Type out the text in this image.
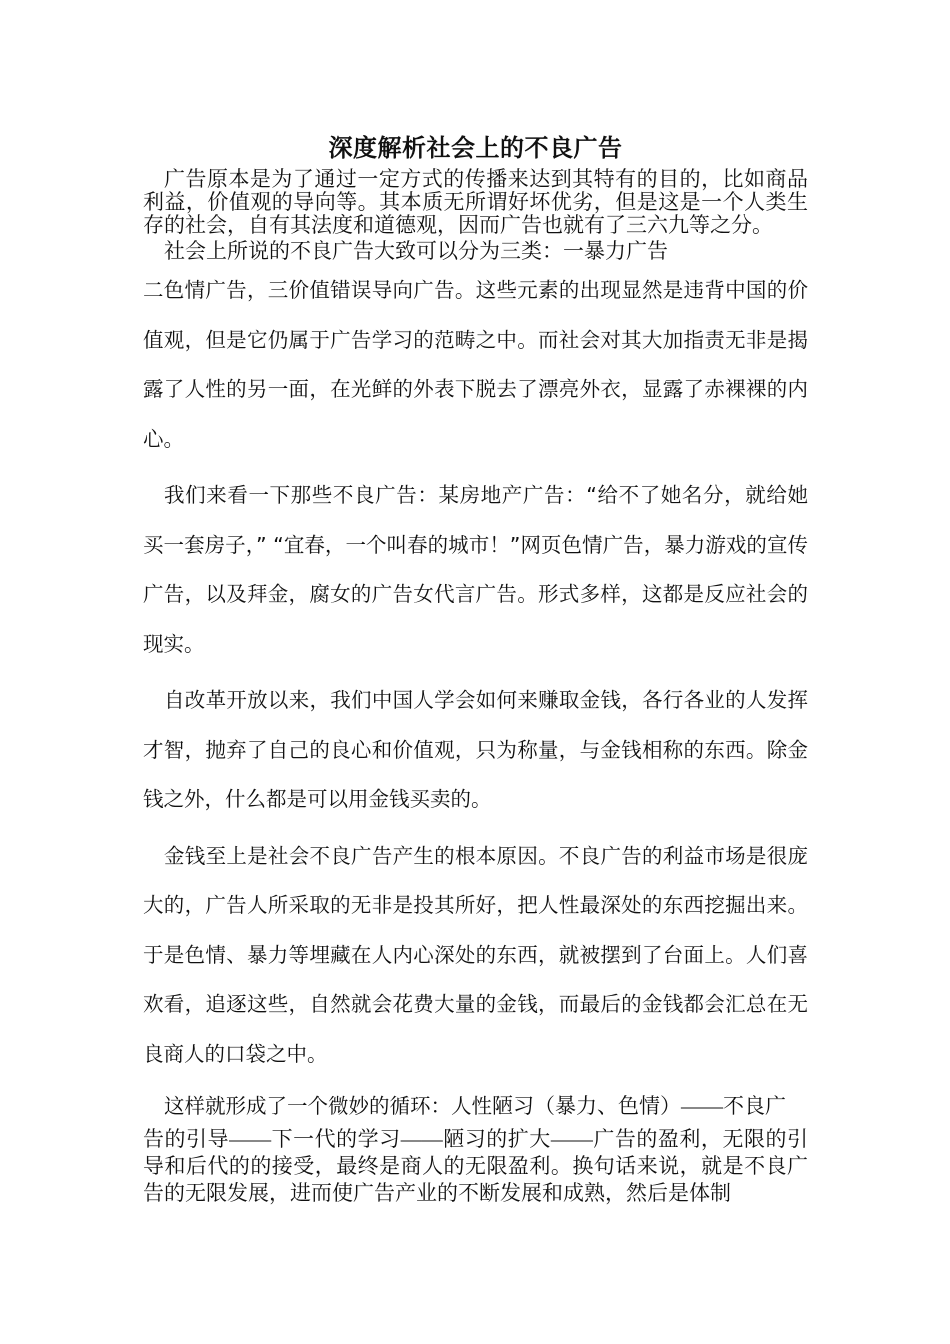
深度解析社会上的不良广告

广告原本是为了通过一定方式的传播来达到其特有的目的，比如商品利益，价值观的导向等。其本质无所谓好坏优劣，但是这是一个人类生存的社会，自有其法度和道德观，因而广告也就有了三六九等之分。

社会上所说的不良广告大致可以分为三类：一暴力广告

二色情广告，三价值错误导向广告。这些元素的出现显然是违背中国的价值观，但是它仍属于广告学习的范畴之中。而社会对其大加指责无非是揭露了人性的另一面，在光鲜的外表下脱去了漂亮外衣，显露了赤裸裸的内心。

我们来看一下那些不良广告：某房地产广告：“给不了她名分，就给她买一套房子，” “宜春，一个叫春的城市！”网页色情广告，暴力游戏的宣传广告，以及拜金，腐女的广告女代言广告。形式多样，这都是反应社会的现实。

自改革开放以来，我们中国人学会如何来赚取金钱，各行各业的人发挥才智，抛弃了自己的良心和价值观，只为称量，与金钱相称的东西。除金钱之外，什么都是可以用金钱买卖的。

金钱至上是社会不良广告产生的根本原因。不良广告的利益市场是很庞大的，广告人所采取的无非是投其所好，把人性最深处的东西挖掘出来。于是色情、暴力等埋藏在人内心深处的东西，就被摆到了台面上。人们喜欢看，追逐这些，自然就会花费大量的金钱，而最后的金钱都会汇总在无良商人的口袋之中。

这样就形成了一个微妙的循环：人性陋习（暴力、色情）——不良广

告的引导——下一代的学习——陋习的扩大——广告的盈利，无限的引导和后代的的接受，最终是商人的无限盈利。换句话来说，就是不良广告的无限发展，进而使广告产业的不断发展和成熟，然后是体制
